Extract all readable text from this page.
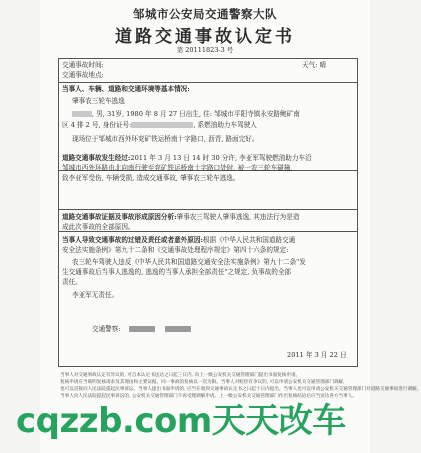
邹城市公安局交通警察大队
道路交通事故认定书
第 20111823-3 号
交通事故时间:	天气: 晴
交通事故地点:
当事人、车辆、道路和交通环境等基本情况:
肇事农三轮车逃逸
, 男, 31岁, 1980 年 8 月 27 日出生, 住: 邹城市平阳寺镇永安路鲍矿南
区 4 排 2 号, 身份证号:	, 系燃油助力车驾驶人
现场位于邹城市西外环兖矿铁运桥南十字路口, 沥青, 路面完好。
道路交通事故发生经过:2011 年 3 月 13 日 14 时 30 分许, 李亚军驾驶燃油助力车沿
邹城市西外环路由北向南行驶至兖矿铁运桥南十字路口处时, 被一农三轮车碰撞,
致李亚军受伤, 车辆受损, 造成交通事故, 肇事农三轮车逃逸。
道路交通事故证据及事故形成原因分析:肇事农三驾驶人肇事逃逸, 其违法行为是造
成此次事故的全部原因。
当事人导致交通事故的过错及责任或者意外原因:根据《中华人民共和国道路交通
安全法实施条例》第九十二条和《交通事故处理程序规定》第四十六条的规定:
农三轮车驾驶人违反《中华人民共和国道路交通安全法实施条例》第九十二条"发
生交通事故后当事人逃逸的, 逃逸的当事人承担全部责任"之规定, 负事故的全部
责任。
李亚军无责任。
交通警察:
2011 年 3 月 22 日
当事人对交通事故认定有异议的, 可自本认定书送达之日起三日内, 向上一级公安机关交通管理部门提出书面复核申请。
复核申请应当载明复核请求及其理由和主要证据。同一事故的复核以一次为限。当事人对赔偿有争议的, 可以申请公安机关交通管理部门调解,
也可以直接向人民法院提起民事诉讼。当事人提出书面申请的, 应当在收到交通事故认定书之日起十日内提出。当事人也可以申请公安机关交通管理部门对道路交通事故进行调解。
当事人向人民法院提起民事诉讼的, 公安机关交通管理部门不再受理调解申请。上一级公安机关交通管理部门作出复核结论后应当送达各方当事人。
cqzzb.com天天改车
